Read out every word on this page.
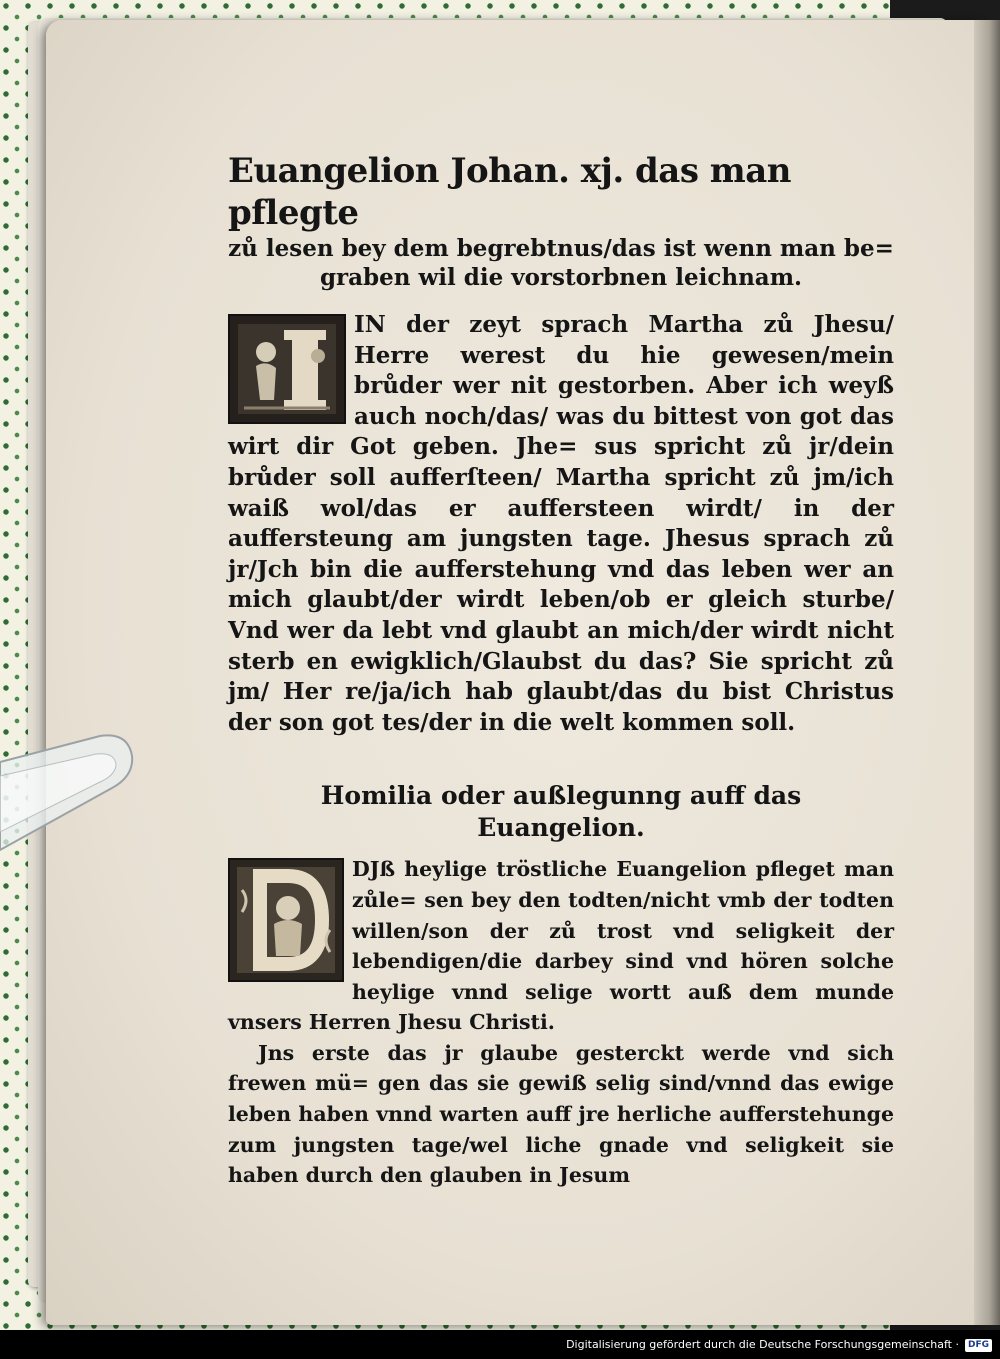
Euangelion Johan. xj. das man pflegte

zů lesen bey dem begrebtnus/das ist wenn man be=

graben wil die vorstorbnen leichnam.

IN der zeyt sprach Martha zů Jhesu/ Herre werest du hie gewesen/mein brůder wer nit gestorben. Aber ich weyß auch noch/das/ was du bittest von got das wirt dir Got geben. Jhe= sus spricht zů jr/dein brůder soll aufferſteen/ Martha spricht zů jm/ich waiß wol/das er auffersteen wirdt/ in der auffersteung am jungsten tage. Jhesus sprach zů jr/Jch bin die aufferstehung vnd das leben wer an mich glaubt/der wirdt leben/ob er gleich sturbe/ Vnd wer da lebt vnd glaubt an mich/der wirdt nicht sterb en ewigklich/Glaubst du das? Sie spricht zů jm/ Her re/ja/ich hab glaubt/das du bist Christus der son got tes/der in die welt kommen soll.

Homilia oder außlegunng auff das
Euangelion.

DJß heylige tröstliche Euangelion pfleget man zůle= sen bey den todten/nicht vmb der todten willen/son der zů trost vnd seligkeit der lebendigen/die darbey sind vnd hören solche heylige vnnd selige wortt auß dem munde vnsers Herren Jhesu Christi.

Jns erste das jr glaube gesterckt werde vnd sich frewen mü= gen das sie gewiß selig sind/vnnd das ewige leben haben vnnd warten auff jre herliche aufferstehunge zum jungsten tage/wel liche gnade vnd seligkeit sie haben durch den glauben in Jesum

Digitalisierung gefördert durch die Deutsche Forschungsgemeinschaft · DFG
